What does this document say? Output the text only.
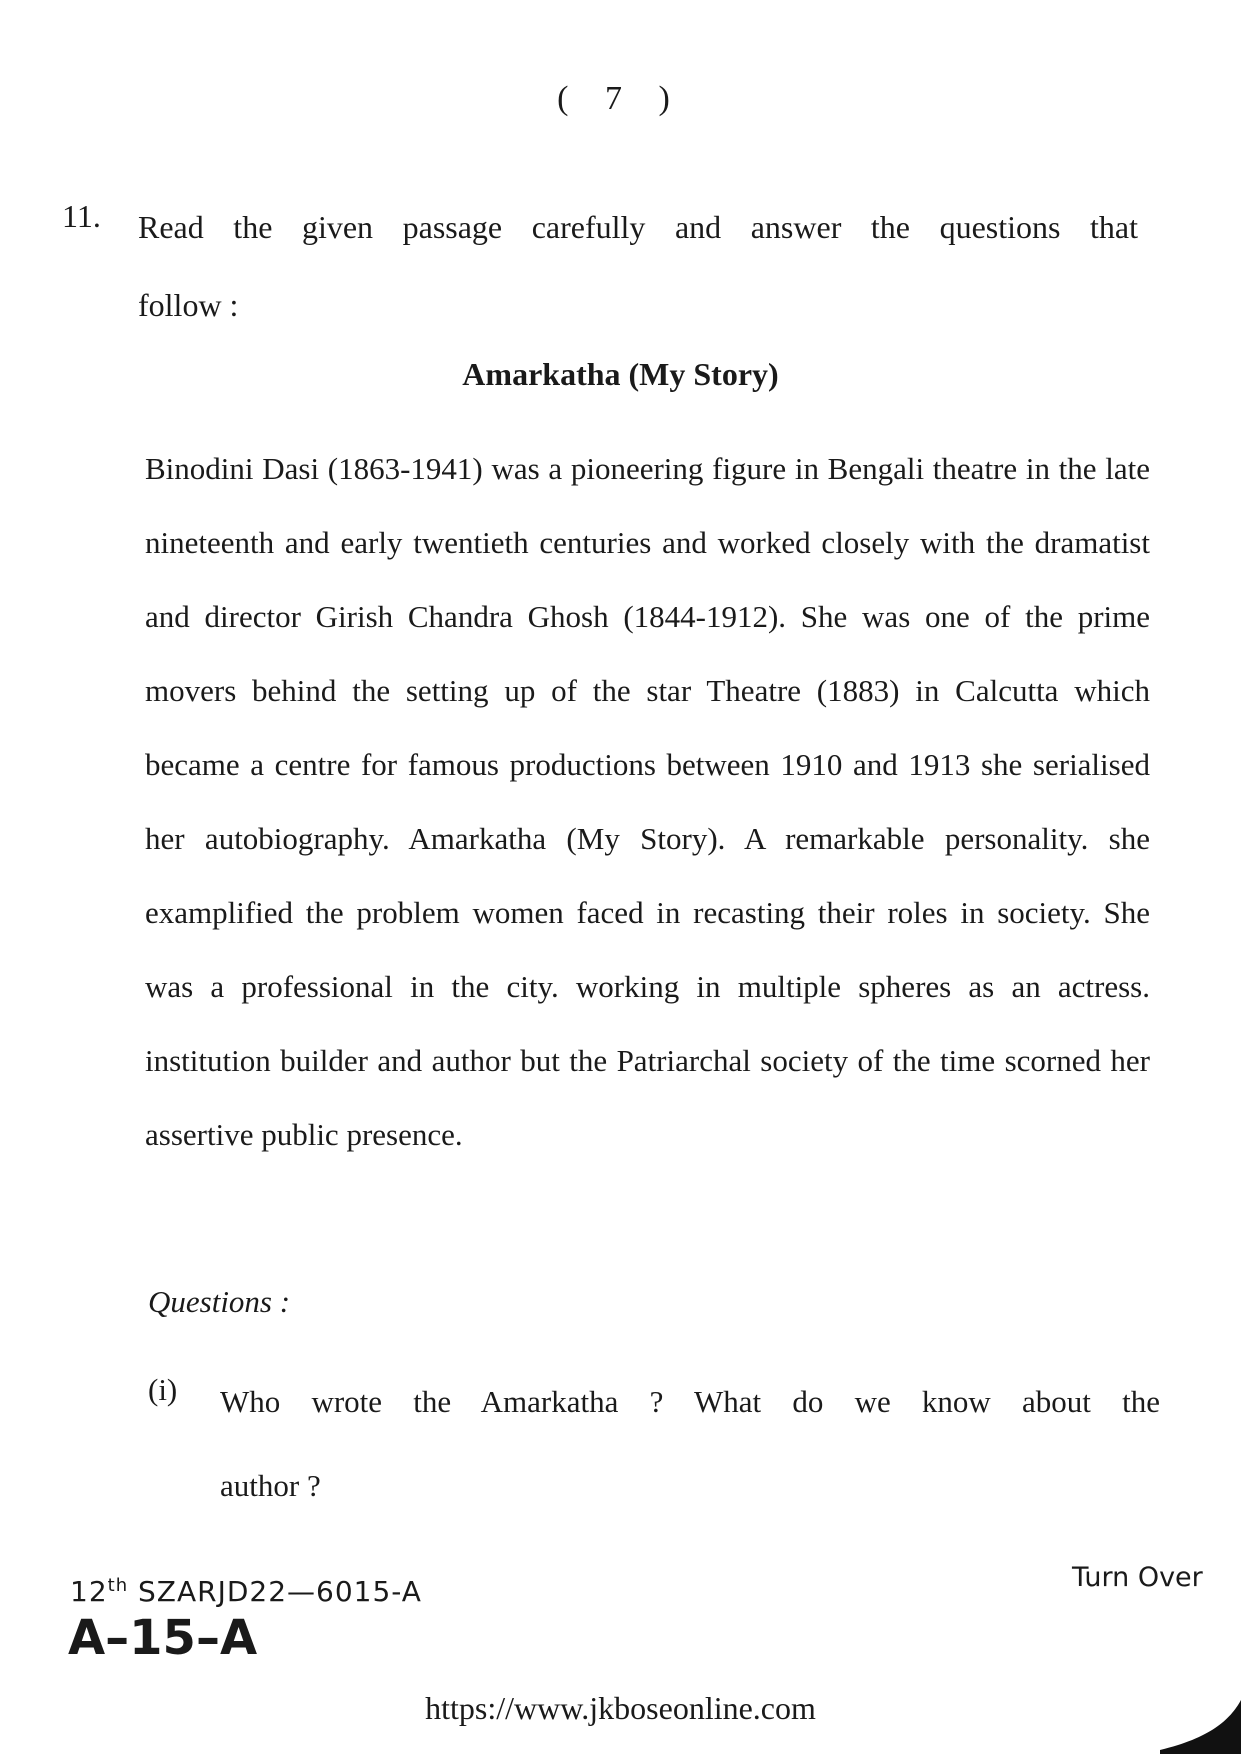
( 7 )
11. Read the given passage carefully and answer the questions that
follow :
Amarkatha (My Story)
Binodini Dasi (1863-1941) was a pioneering figure in Bengali theatre in the late nineteenth and early twentieth centuries and worked closely with the dramatist and director Girish Chandra Ghosh (1844-1912). She was one of the prime movers behind the setting up of the star Theatre (1883) in Calcutta which became a centre for famous productions between 1910 and 1913 she serialised her autobiography. Amarkatha (My Story). A remarkable personality. she examplified the problem women faced in recasting their roles in society. She was a professional in the city. working in multiple spheres as an actress. institution builder and author but the Patriarchal society of the time scorned her assertive public presence.
Questions :
(i) Who wrote the Amarkatha ? What do we know about the
author ?
12th SZARJD22—6015-A
A–15–A
Turn Over
https://www.jkboseonline.com
